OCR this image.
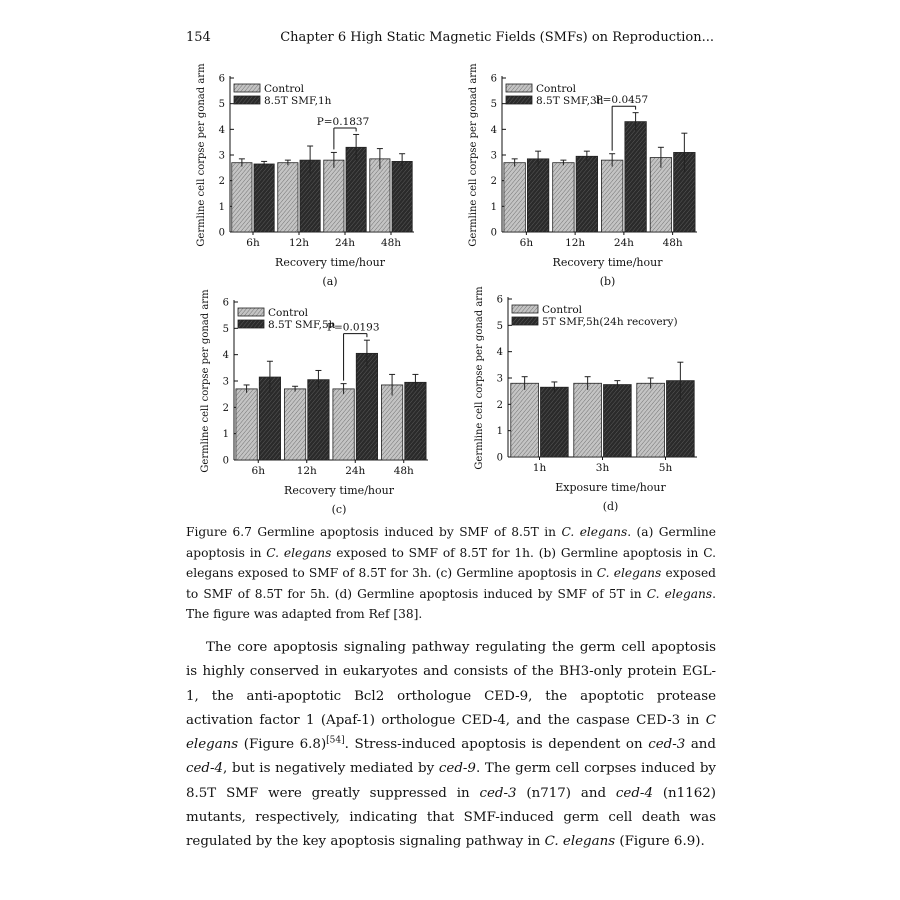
154	Chapter 6 High Static Magnetic Fields (SMFs) on Reproduction...
0
1
2
3
4
5
6
Germline cell corpse per gonad arm	6h	12h 24h 48h
Recovery time/hour
(a)
Control
8.5T SMF,1h
P=0.1837
0
1
2
3
4
5
6
Germline cell corpse per gonad arm	6h	12h	24h	48h
Recovery time/hour
(b)
Control
8.5T SMF,3h
P=0.0457
0
1
2
3
4
5
6
Germline cell corpse per gonad arm	6h	12h	24h	48h
Recovery time/hour
(c)
Control
8.5T SMF,5h
P=0.0193
0
1
2
3
4
5
6
Germline cell corpse per gonad arm	1h	3h	5h
Exposure time/hour
(d)
Control
5T SMF,5h(24h recovery)

Figure 6.7 Germline apoptosis induced by SMF of 8.5T in C. elegans. (a) Germline apoptosis in C. elegans exposed to SMF of 8.5T for 1h. (b) Germline apoptosis in C. elegans exposed to SMF of 8.5T for 3h. (c) Germline apoptosis in C. elegans exposed to SMF of 8.5T for 5h. (d) Germline apoptosis induced by SMF of 5T in C. elegans. The figure was adapted from Ref [38].

The core apoptosis signaling pathway regulating the germ cell apoptosis is highly conserved in eukaryotes and consists of the BH3-only protein EGL-1, the anti-apoptotic Bcl2 orthologue CED-9, the apoptotic protease activation factor 1 (Apaf-1) orthologue CED-4, and the caspase CED-3 in C elegans (Figure 6.8)[54]. Stress-induced apoptosis is dependent on ced-3 and ced-4, but is negatively mediated by ced-9. The germ cell corpses induced by 8.5T SMF were greatly suppressed in ced-3 (n717) and ced-4 (n1162) mutants, respectively, indicating that SMF-induced germ cell death was regulated by the key apoptosis signaling pathway in C. elegans (Figure 6.9).
